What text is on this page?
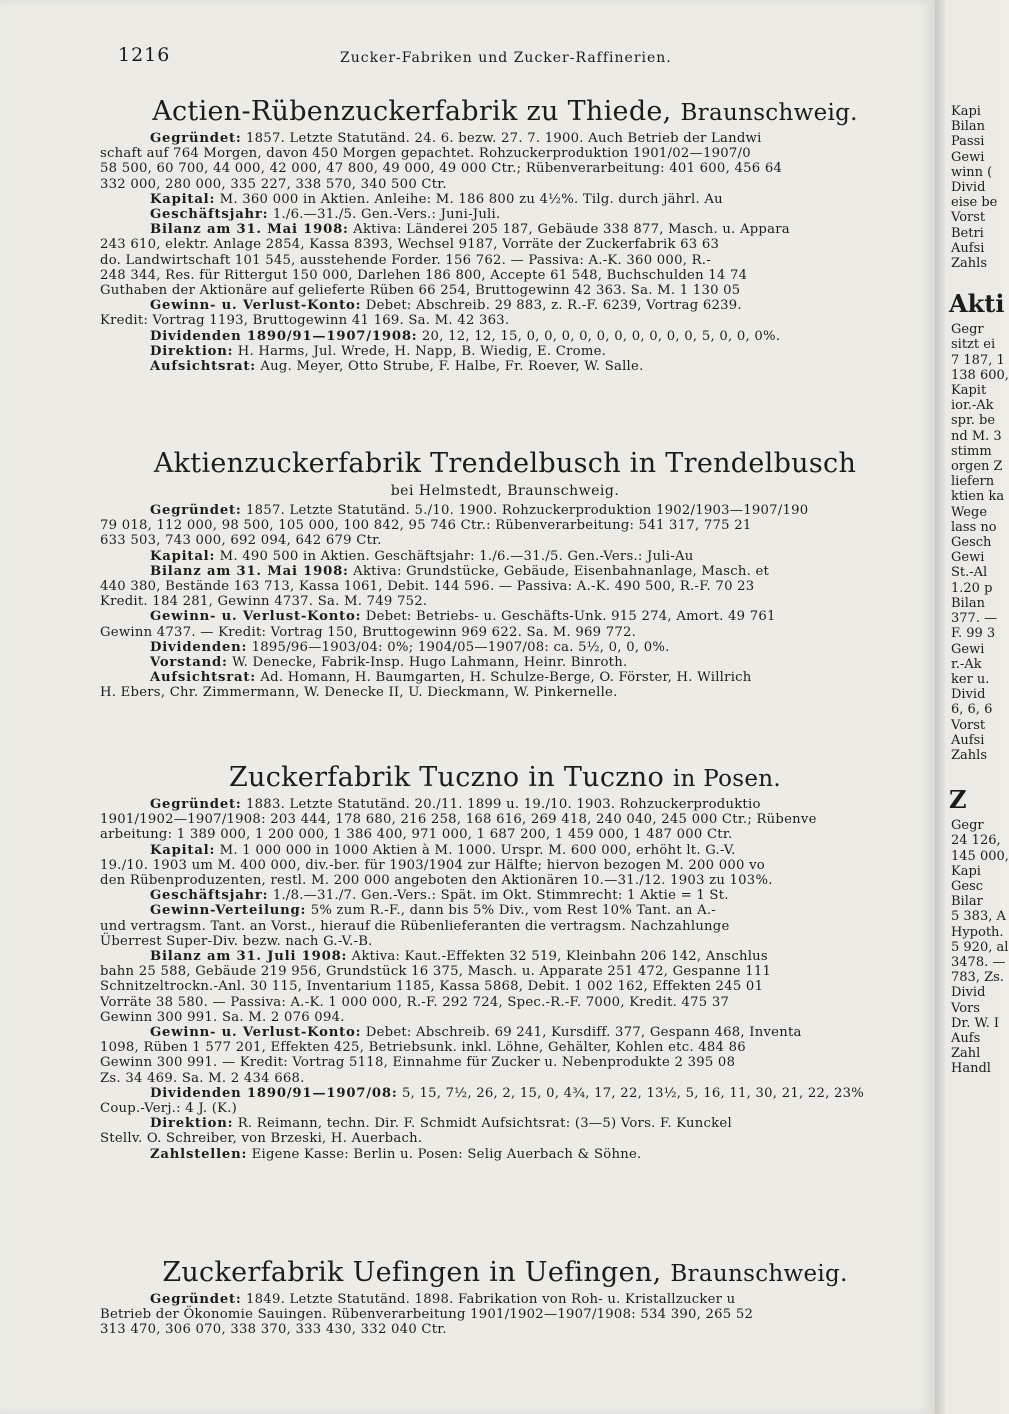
1216	Zucker-Fabriken und Zucker-Raffinerien.
Actien-Rübenzuckerfabrik zu Thiede, Braunschweig.
Gegründet: 1857. Letzte Statutänd. 24. 6. bezw. 27. 7. 1900. Auch Betrieb der Landwi
schaft auf 764 Morgen, davon 450 Morgen gepachtet. Rohzuckerproduktion 1901/02—1907/0
58 500, 60 700, 44 000, 42 000, 47 800, 49 000, 49 000 Ctr.; Rübenverarbeitung: 401 600, 456 64
332 000, 280 000, 335 227, 338 570, 340 500 Ctr.
Kapital: M. 360 000 in Aktien. Anleihe: M. 186 800 zu 4½%. Tilg. durch jährl. Au
Geschäftsjahr: 1./6.—31./5. Gen.-Vers.: Juni-Juli.
Bilanz am 31. Mai 1908: Aktiva: Länderei 205 187, Gebäude 338 877, Masch. u. Appara
243 610, elektr. Anlage 2854, Kassa 8393, Wechsel 9187, Vorräte der Zuckerfabrik 63 63
do. Landwirtschaft 101 545, ausstehende Forder. 156 762. — Passiva: A.-K. 360 000, R.-
248 344, Res. für Rittergut 150 000, Darlehen 186 800, Accepte 61 548, Buchschulden 14 74
Guthaben der Aktionäre auf gelieferte Rüben 66 254, Bruttogewinn 42 363. Sa. M. 1 130 05
Gewinn- u. Verlust-Konto: Debet: Abschreib. 29 883, z. R.-F. 6239, Vortrag 6239.
Kredit: Vortrag 1193, Bruttogewinn 41 169. Sa. M. 42 363.
Dividenden 1890/91—1907/1908: 20, 12, 12, 15, 0, 0, 0, 0, 0, 0, 0, 0, 0, 0, 5, 0, 0, 0%.
Direktion: H. Harms, Jul. Wrede, H. Napp, B. Wiedig, E. Crome.
Aufsichtsrat: Aug. Meyer, Otto Strube, F. Halbe, Fr. Roever, W. Salle.
Aktienzuckerfabrik Trendelbusch in Trendelbusch
bei Helmstedt, Braunschweig.
Gegründet: 1857. Letzte Statutänd. 5./10. 1900. Rohzuckerproduktion 1902/1903—1907/190
79 018, 112 000, 98 500, 105 000, 100 842, 95 746 Ctr.: Rübenverarbeitung: 541 317, 775 21
633 503, 743 000, 692 094, 642 679 Ctr.
Kapital: M. 490 500 in Aktien. Geschäftsjahr: 1./6.—31./5. Gen.-Vers.: Juli-Au
Bilanz am 31. Mai 1908: Aktiva: Grundstücke, Gebäude, Eisenbahnanlage, Masch. et
440 380, Bestände 163 713, Kassa 1061, Debit. 144 596. — Passiva: A.-K. 490 500, R.-F. 70 23
Kredit. 184 281, Gewinn 4737. Sa. M. 749 752.
Gewinn- u. Verlust-Konto: Debet: Betriebs- u. Geschäfts-Unk. 915 274, Amort. 49 761
Gewinn 4737. — Kredit: Vortrag 150, Bruttogewinn 969 622. Sa. M. 969 772.
Dividenden: 1895/96—1903/04: 0%; 1904/05—1907/08: ca. 5½, 0, 0, 0%.
Vorstand: W. Denecke, Fabrik-Insp. Hugo Lahmann, Heinr. Binroth.
Aufsichtsrat: Ad. Homann, H. Baumgarten, H. Schulze-Berge, O. Förster, H. Willrich
H. Ebers, Chr. Zimmermann, W. Denecke II, U. Dieckmann, W. Pinkernelle.
Zuckerfabrik Tuczno in Tuczno in Posen.
Gegründet: 1883. Letzte Statutänd. 20./11. 1899 u. 19./10. 1903. Rohzuckerproduktio
1901/1902—1907/1908: 203 444, 178 680, 216 258, 168 616, 269 418, 240 040, 245 000 Ctr.; Rübenve
arbeitung: 1 389 000, 1 200 000, 1 386 400, 971 000, 1 687 200, 1 459 000, 1 487 000 Ctr.
Kapital: M. 1 000 000 in 1000 Aktien à M. 1000. Urspr. M. 600 000, erhöht lt. G.-V.
19./10. 1903 um M. 400 000, div.-ber. für 1903/1904 zur Hälfte; hiervon bezogen M. 200 000 vo
den Rübenproduzenten, restl. M. 200 000 angeboten den Aktionären 10.—31./12. 1903 zu 103%.
Geschäftsjahr: 1./8.—31./7. Gen.-Vers.: Spät. im Okt. Stimmrecht: 1 Aktie = 1 St.
Gewinn-Verteilung: 5% zum R.-F., dann bis 5% Div., vom Rest 10% Tant. an A.-
und vertragsm. Tant. an Vorst., hierauf die Rübenlieferanten die vertragsm. Nachzahlunge
Überrest Super-Div. bezw. nach G.-V.-B.
Bilanz am 31. Juli 1908: Aktiva: Kaut.-Effekten 32 519, Kleinbahn 206 142, Anschlus
bahn 25 588, Gebäude 219 956, Grundstück 16 375, Masch. u. Apparate 251 472, Gespanne 111
Schnitzeltrockn.-Anl. 30 115, Inventarium 1185, Kassa 5868, Debit. 1 002 162, Effekten 245 01
Vorräte 38 580. — Passiva: A.-K. 1 000 000, R.-F. 292 724, Spec.-R.-F. 7000, Kredit. 475 37
Gewinn 300 991. Sa. M. 2 076 094.
Gewinn- u. Verlust-Konto: Debet: Abschreib. 69 241, Kursdiff. 377, Gespann 468, Inventa
1098, Rüben 1 577 201, Effekten 425, Betriebsunk. inkl. Löhne, Gehälter, Kohlen etc. 484 86
Gewinn 300 991. — Kredit: Vortrag 5118, Einnahme für Zucker u. Nebenprodukte 2 395 08
Zs. 34 469. Sa. M. 2 434 668.
Dividenden 1890/91—1907/08: 5, 15, 7½, 26, 2, 15, 0, 4¾, 17, 22, 13½, 5, 16, 11, 30, 21, 22, 23%
Coup.-Verj.: 4 J. (K.)
Direktion: R. Reimann, techn. Dir. F. Schmidt Aufsichtsrat: (3—5) Vors. F. Kunckel
Stellv. O. Schreiber, von Brzeski, H. Auerbach.
Zahlstellen: Eigene Kasse: Berlin u. Posen: Selig Auerbach & Söhne.
Zuckerfabrik Uefingen in Uefingen, Braunschweig.
Gegründet: 1849. Letzte Statutänd. 1898. Fabrikation von Roh- u. Kristallzucker u
Betrieb der Ökonomie Sauingen. Rübenverarbeitung 1901/1902—1907/1908: 534 390, 265 52
313 470, 306 070, 338 370, 333 430, 332 040 Ctr.
Kapi
Bilan
Passi
Gewi
winn (
Divid
eise be
Vorst
Betri
Aufsi
Zahls
Akti
Gegr
sitzt ei
7 187, 1
138 600,
Kapit
ior.-Ak
spr. be
nd M. 3
stimm
orgen Z
liefern
ktien ka
Wege
lass no
Gesch
Gewi
St.-Al
1.20 p
Bilan
377. —
F. 99 3
Gewi
r.-Ak
ker u.
Divid
6, 6, 6
Vorst
Aufsi
Zahls
Z
Gegr
24 126,
145 000,
Kapi
Gesc
Bilar
5 383, A
Hypoth.
5 920, al
3478. —
783, Zs.
Divid
Vors
Dr. W. I
Aufs
Zahl
Handl
